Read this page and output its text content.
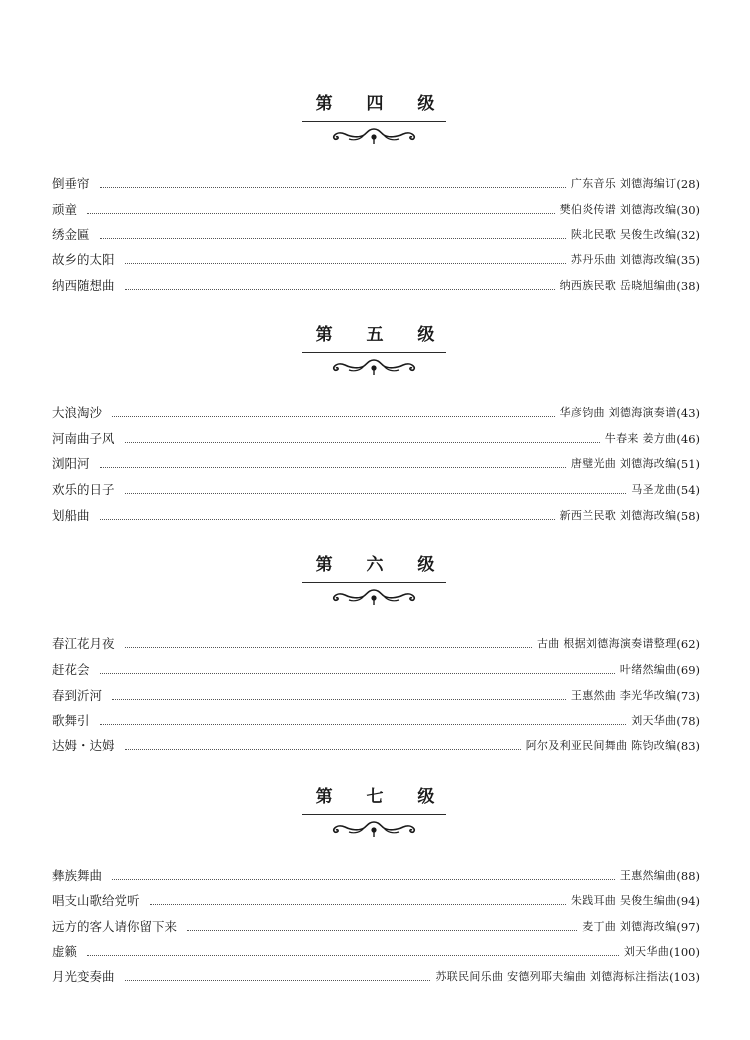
第 四 级
倒垂帘	广东音乐 刘德海编订 (28)
顽童	樊伯炎传谱 刘德海改编 (30)
绣金匾	陕北民歌 吴俊生改编 (32)
故乡的太阳	苏丹乐曲 刘德海改编 (35)
纳西随想曲	纳西族民歌 岳晓旭编曲 (38)
第 五 级
大浪淘沙	华彦钧曲 刘德海演奏谱 (43)
河南曲子风	牛春来 姜方曲 (46)
浏阳河	唐璧光曲 刘德海改编 (51)
欢乐的日子	马圣龙曲 (54)
划船曲	新西兰民歌 刘德海改编 (58)
第 六 级
春江花月夜	古曲 根据刘德海演奏谱整理 (62)
赶花会	叶绪然编曲 (69)
春到沂河	王惠然曲 李光华改编 (73)
歌舞引	刘天华曲 (78)
达姆・达姆	阿尔及利亚民间舞曲 陈钧改编 (83)
第 七 级
彝族舞曲	王惠然编曲 (88)
唱支山歌给党听	朱践耳曲 吴俊生编曲 (94)
远方的客人请你留下来	麦丁曲 刘德海改编 (97)
虚籁	刘天华曲 (100)
月光变奏曲	苏联民间乐曲 安德列耶夫编曲 刘德海标注指法 (103)
